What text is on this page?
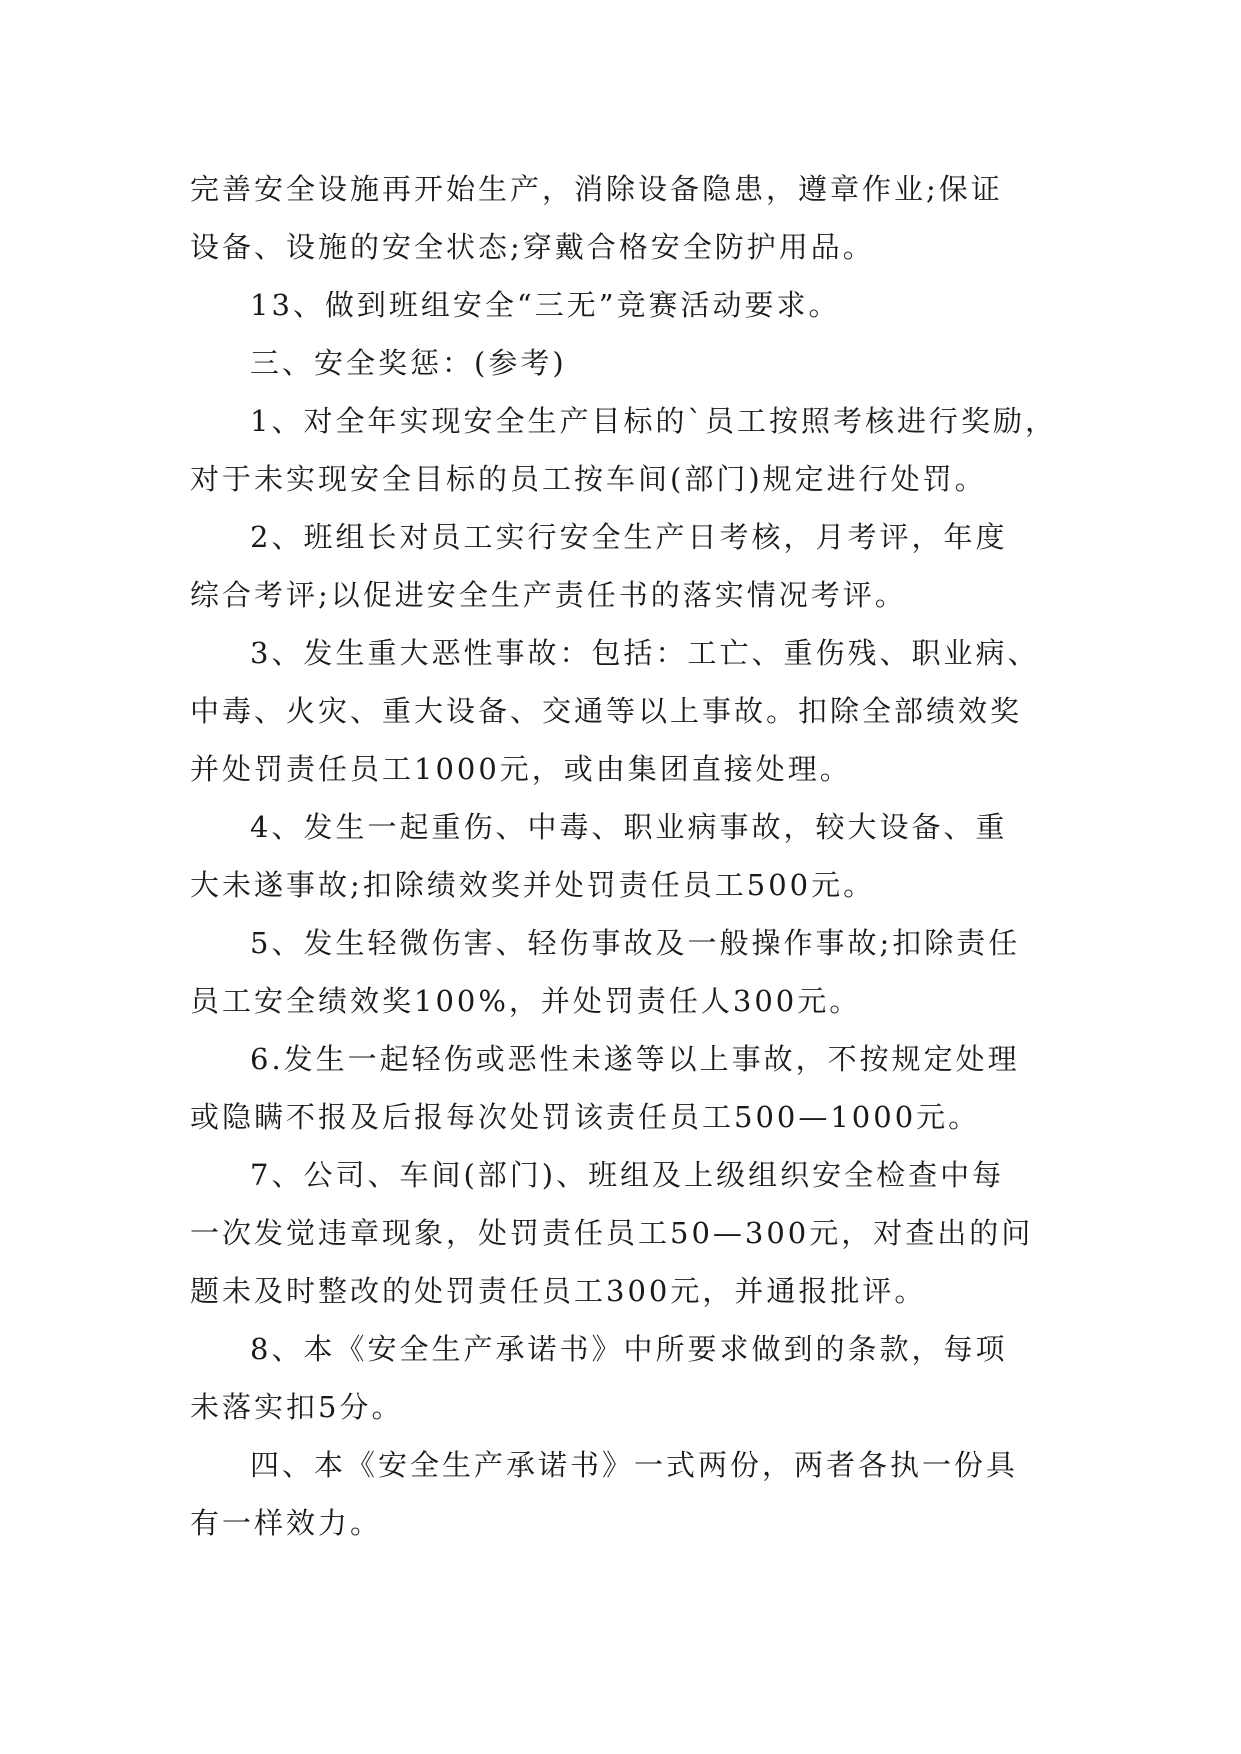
完善安全设施再开始生产，消除设备隐患，遵章作业;保证
设备、设施的安全状态;穿戴合格安全防护用品。
13、做到班组安全“三无”竞赛活动要求。
三、安全奖惩：(参考)
1、对全年实现安全生产目标的`员工按照考核进行奖励，
对于未实现安全目标的员工按车间(部门)规定进行处罚。
2、班组长对员工实行安全生产日考核，月考评，年度
综合考评;以促进安全生产责任书的落实情况考评。
3、发生重大恶性事故：包括：工亡、重伤残、职业病、
中毒、火灾、重大设备、交通等以上事故。扣除全部绩效奖
并处罚责任员工1000元，或由集团直接处理。
4、发生一起重伤、中毒、职业病事故，较大设备、重
大未遂事故;扣除绩效奖并处罚责任员工500元。
5、发生轻微伤害、轻伤事故及一般操作事故;扣除责任
员工安全绩效奖100%，并处罚责任人300元。
6.发生一起轻伤或恶性未遂等以上事故，不按规定处理
或隐瞒不报及后报每次处罚该责任员工500—1000元。
7、公司、车间(部门)、班组及上级组织安全检查中每
一次发觉违章现象，处罚责任员工50—300元，对查出的问
题未及时整改的处罚责任员工300元，并通报批评。
8、本《安全生产承诺书》中所要求做到的条款，每项
未落实扣5分。
四、本《安全生产承诺书》一式两份，两者各执一份具
有一样效力。
